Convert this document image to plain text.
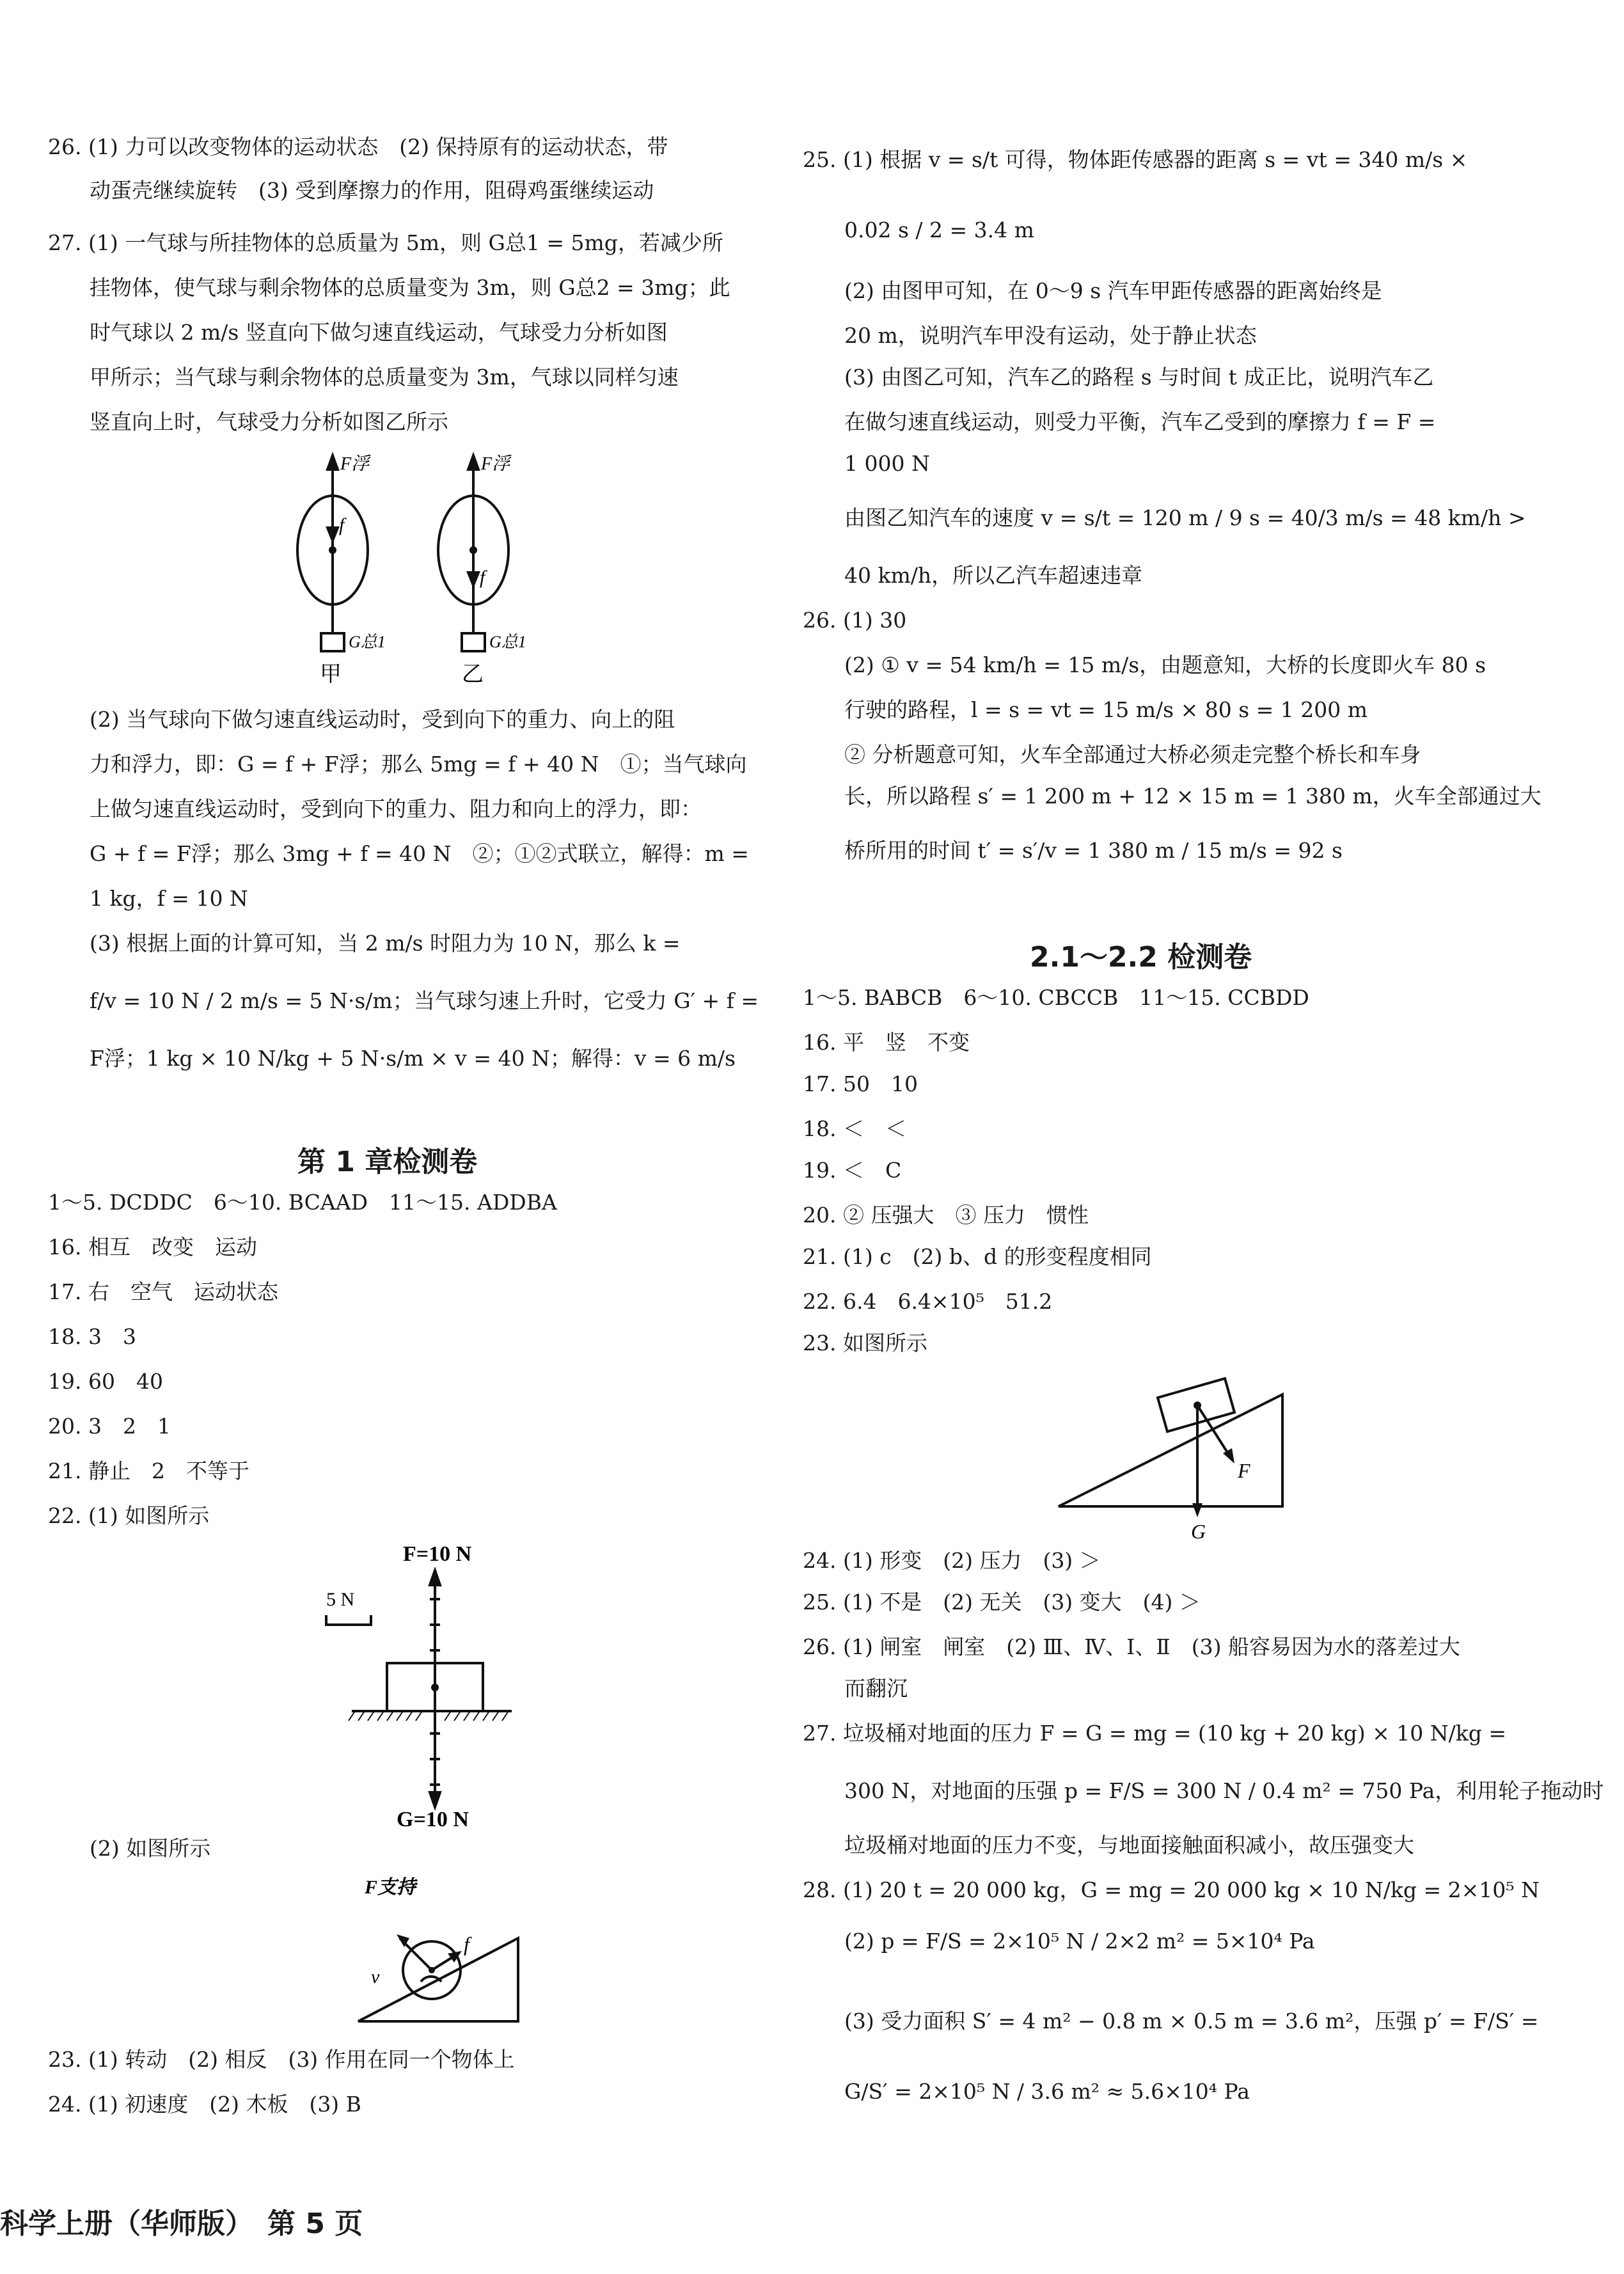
26. (1) 力可以改变物体的运动状态　(2) 保持原有的运动状态，带
动蛋壳继续旋转　(3) 受到摩擦力的作用，阻碍鸡蛋继续运动
27. (1) 一气球与所挂物体的总质量为 5m，则 G总1 = 5mg，若减少所
挂物体，使气球与剩余物体的总质量变为 3m，则 G总2 = 3mg；此
时气球以 2 m/s 竖直向下做匀速直线运动，气球受力分析如图
甲所示；当气球与剩余物体的总质量变为 3m，气球以同样匀速
竖直向上时，气球受力分析如图乙所示
F浮	F浮
f
f
G总1	G总1
甲	乙
(2) 当气球向下做匀速直线运动时，受到向下的重力、向上的阻
力和浮力，即：G = f + F浮；那么 5mg = f + 40 N　①；当气球向
上做匀速直线运动时，受到向下的重力、阻力和向上的浮力，即：
G + f = F浮；那么 3mg + f = 40 N　②；①②式联立，解得：m =
1 kg，f = 10 N
(3) 根据上面的计算可知，当 2 m/s 时阻力为 10 N，那么 k =
f/v = 10 N / 2 m/s = 5 N·s/m；当气球匀速上升时，它受力 G′ + f =
F浮；1 kg × 10 N/kg + 5 N·s/m × v = 40 N；解得：v = 6 m/s
第 1 章检测卷
1～5. DCDDC　6～10. BCAAD　11～15. ADDBA
16. 相互　改变　运动
17. 右　空气　运动状态
18. 3　3
19. 60　40
20. 3　2　1
21. 静止　2　不等于
22. (1) 如图所示
F=10 N
5 N
G=10 N
(2) 如图所示
F支持
v
f
23. (1) 转动　(2) 相反　(3) 作用在同一个物体上
24. (1) 初速度　(2) 木板　(3) B
25. (1) 根据 v = s/t 可得，物体距传感器的距离 s = vt = 340 m/s ×
0.02 s / 2 = 3.4 m
(2) 由图甲可知，在 0～9 s 汽车甲距传感器的距离始终是
20 m，说明汽车甲没有运动，处于静止状态
(3) 由图乙可知，汽车乙的路程 s 与时间 t 成正比，说明汽车乙
在做匀速直线运动，则受力平衡，汽车乙受到的摩擦力 f = F =
1 000 N
由图乙知汽车的速度 v = s/t = 120 m / 9 s = 40/3 m/s = 48 km/h >
40 km/h，所以乙汽车超速违章
26. (1) 30
(2) ① v = 54 km/h = 15 m/s，由题意知，大桥的长度即火车 80 s
行驶的路程，l = s = vt = 15 m/s × 80 s = 1 200 m
② 分析题意可知，火车全部通过大桥必须走完整个桥长和车身
长，所以路程 s′ = 1 200 m + 12 × 15 m = 1 380 m，火车全部通过大
桥所用的时间 t′ = s′/v = 1 380 m / 15 m/s = 92 s
2.1～2.2 检测卷
1～5. BABCB　6～10. CBCCB　11～15. CCBDD
16. 平　竖　不变
17. 50　10
18. ＜　＜
19. ＜　C
20. ② 压强大　③ 压力　惯性
21. (1) c　(2) b、d 的形变程度相同
22. 6.4　6.4×10⁵　51.2
23. 如图所示
F
G
24. (1) 形变　(2) 压力　(3) ＞
25. (1) 不是　(2) 无关　(3) 变大　(4) ＞
26. (1) 闸室　闸室　(2) Ⅲ、Ⅳ、Ⅰ、Ⅱ　(3) 船容易因为水的落差过大
而翻沉
27. 垃圾桶对地面的压力 F = G = mg = (10 kg + 20 kg) × 10 N/kg =
300 N，对地面的压强 p = F/S = 300 N / 0.4 m² = 750 Pa，利用轮子拖动时
垃圾桶对地面的压力不变，与地面接触面积减小，故压强变大
28. (1) 20 t = 20 000 kg，G = mg = 20 000 kg × 10 N/kg = 2×10⁵ N
(2) p = F/S = 2×10⁵ N / 2×2 m² = 5×10⁴ Pa
(3) 受力面积 S′ = 4 m² − 0.8 m × 0.5 m = 3.6 m²，压强 p′ = F/S′ =
G/S′ = 2×10⁵ N / 3.6 m² ≈ 5.6×10⁴ Pa
科学上册（华师版）　第 5 页
